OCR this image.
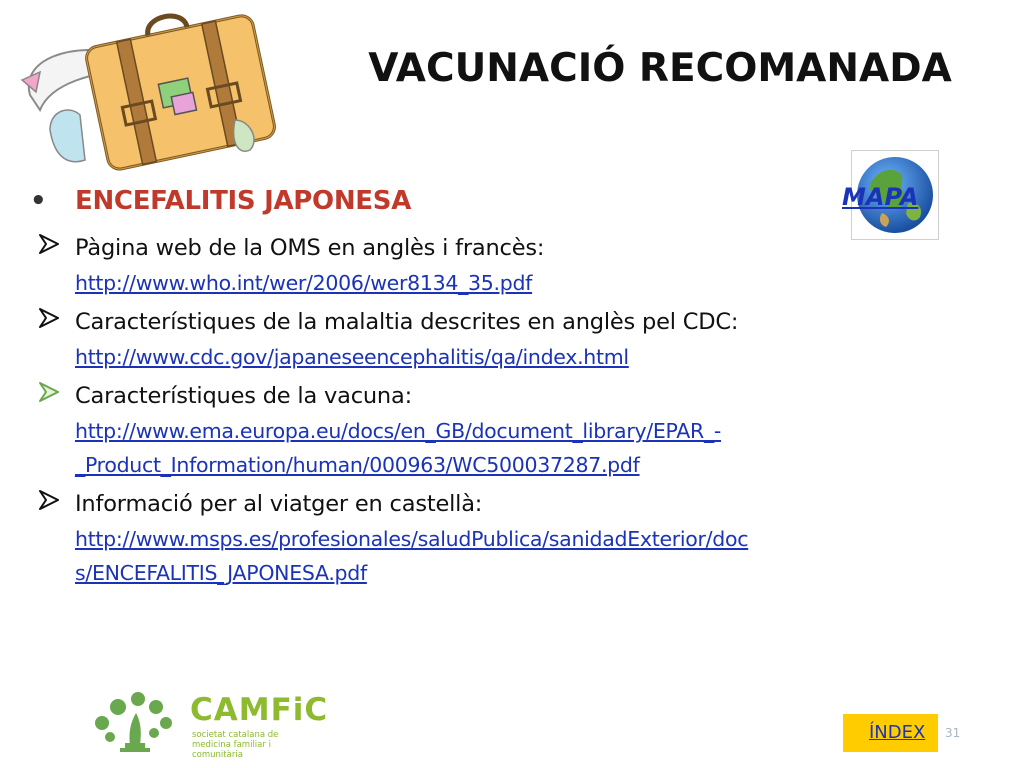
VACUNACIÓ RECOMANADA
MAPA
• ENCEFALITIS JAPONESA
Pàgina web de la OMS en anglès i francès:
http://www.who.int/wer/2006/wer8134_35.pdf
Característiques de la malaltia descrites en anglès pel CDC:
http://www.cdc.gov/japaneseencephalitis/qa/index.html
Característiques de la vacuna:
http://www.ema.europa.eu/docs/en_GB/document_library/EPAR_-
_Product_Information/human/000963/WC500037287.pdf
Informació per al viatger en castellà:
http://www.msps.es/profesionales/saludPublica/sanidadExterior/doc
s/ENCEFALITIS_JAPONESA.pdf
CAMFiC
societat catalana de medicina familiar i comunitària
ÍNDEX 31
